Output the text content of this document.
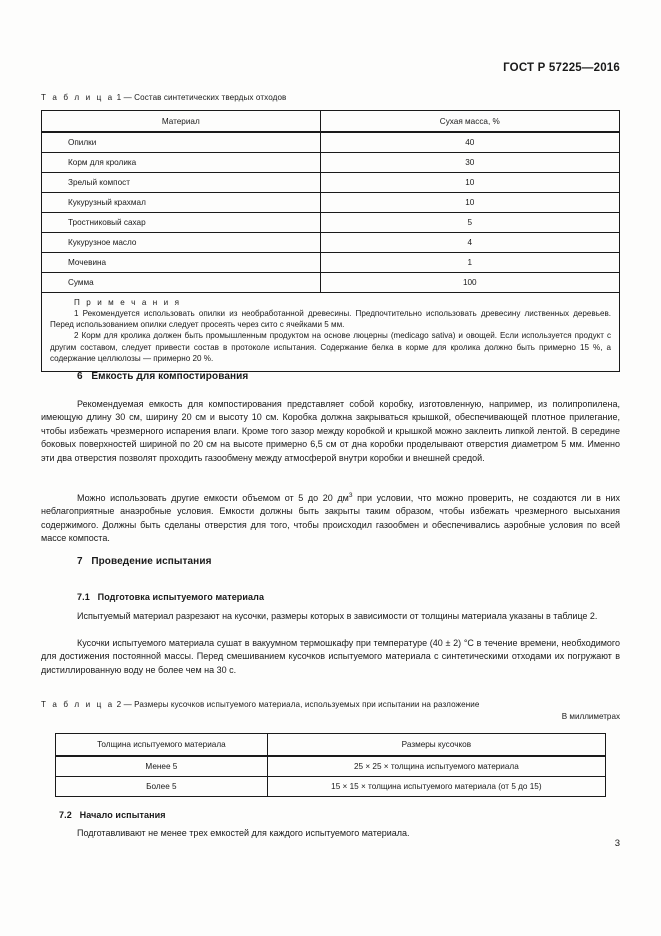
ГОСТ Р 57225—2016

Т а б л и ц а 1 — Состав синтетических твердых отходов

Материал	Сухая масса, %
Опилки	40
Корм для кролика	30
Зрелый компост	10
Кукурузный крахмал	10
Тростниковый сахар	5
Кукурузное масло	4
Мочевина	1
Сумма	100

П р и м е ч а н и я

1 Рекомендуется использовать опилки из необработанной древесины. Предпочтительно использовать древесину лиственных деревьев. Перед использованием опилки следует просеять через сито с ячейками 5 мм.

2 Корм для кролика должен быть промышленным продуктом на основе люцерны (medicago sativa) и овощей. Если используется продукт с другим составом, следует привести состав в протоколе испытания. Содержание белка в корме для кролика должно быть примерно 15 %, а содержание целлюлозы — примерно 20 %.	

6 Емкость для компостирования

Рекомендуемая емкость для компостирования представляет собой коробку, изготовленную, например, из полипропилена, имеющую длину 30 см, ширину 20 см и высоту 10 см. Коробка должна закрываться крышкой, обеспечивающей плотное прилегание, чтобы избежать чрезмерного испарения влаги. Кроме того зазор между коробкой и крышкой можно заклеить липкой лентой. В середине боковых поверхностей шириной по 20 см на высоте примерно 6,5 см от дна коробки проделывают отверстия диаметром 5 мм. Именно эти два отверстия позволят проходить газообмену между атмосферой внутри коробки и внешней средой.

Можно использовать другие емкости объемом от 5 до 20 $дм^3$ при условии, что можно проверить, не создаются ли в них неблагоприятные анаэробные условия. Емкости должны быть закрыты таким образом, чтобы избежать чрезмерного высыхания содержимого. Должны быть сделаны отверстия для того, чтобы происходил газообмен и обеспечивались аэробные условия по всей массе компоста.

7 Проведение испытания
7.1 Подготовка испытуемого материала

Испытуемый материал разрезают на кусочки, размеры которых в зависимости от толщины материала указаны в таблице 2.

Кусочки испытуемого материала сушат в вакуумном термошкафу при температуре (40 ± 2) °С в течение времени, необходимого для достижения постоянной массы. Перед смешиванием кусочков испытуемого материала с синтетическими отходами их погружают в дистиллированную воду не более чем на 30 с.

Т а б л и ц а 2 — Размеры кусочков испытуемого материала, используемых при испытании на разложение

В миллиметрах

Толщина испытуемого материала	Размеры кусочков
Менее 5	25 × 25 × толщина испытуемого материала
Более 5	15 × 15 × толщина испытуемого материала (от 5 до 15)
7.2 Начало испытания

Подготавливают не менее трех емкостей для каждого испытуемого материала.

3
